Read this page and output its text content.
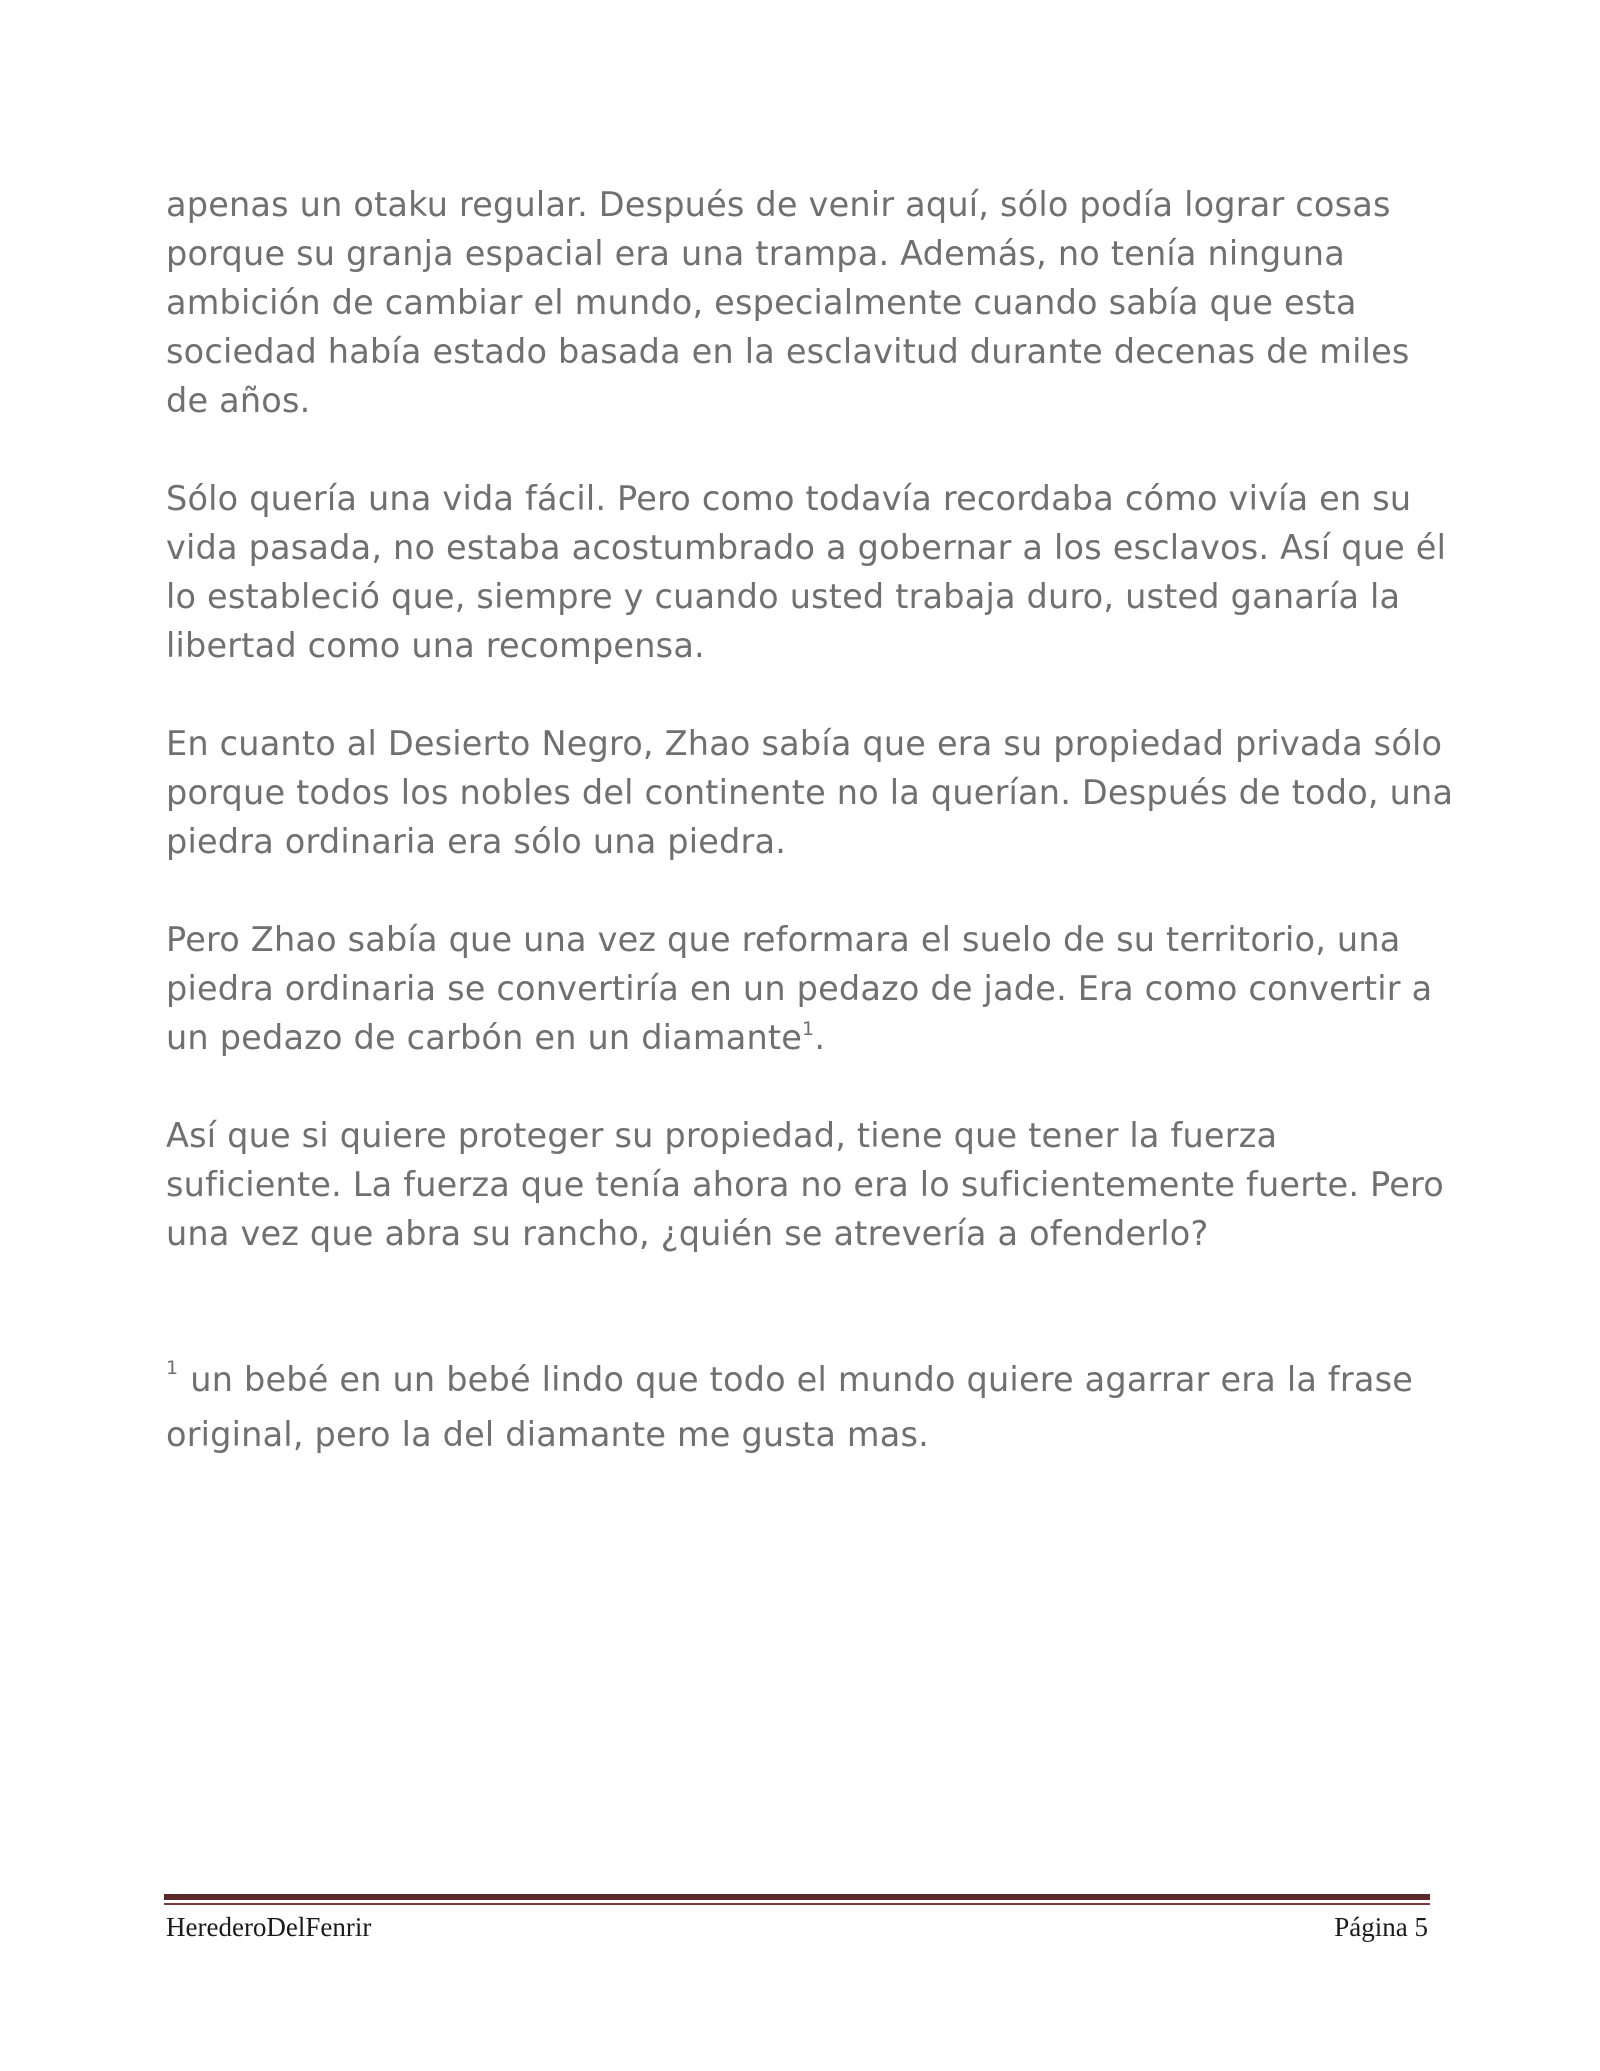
apenas un otaku regular. Después de venir aquí, sólo podía lograr cosas porque su granja espacial era una trampa. Además, no tenía ninguna ambición de cambiar el mundo, especialmente cuando sabía que esta sociedad había estado basada en la esclavitud durante decenas de miles de años.

Sólo quería una vida fácil. Pero como todavía recordaba cómo vivía en su vida pasada, no estaba acostumbrado a gobernar a los esclavos. Así que él lo estableció que, siempre y cuando usted trabaja duro, usted ganaría la libertad como una recompensa.

En cuanto al Desierto Negro, Zhao sabía que era su propiedad privada sólo porque todos los nobles del continente no la querían. Después de todo, una piedra ordinaria era sólo una piedra.

Pero Zhao sabía que una vez que reformara el suelo de su territorio, una piedra ordinaria se convertiría en un pedazo de jade. Era como convertir a un pedazo de carbón en un diamante$^1$.

Así que si quiere proteger su propiedad, tiene que tener la fuerza suficiente. La fuerza que tenía ahora no era lo suficientemente fuerte. Pero una vez que abra su rancho, ¿quién se atrevería a ofenderlo?

$^1$ un bebé en un bebé lindo que todo el mundo quiere agarrar era la frase original, pero la del diamante me gusta mas.
HerederoDelFenrir	Página 5
